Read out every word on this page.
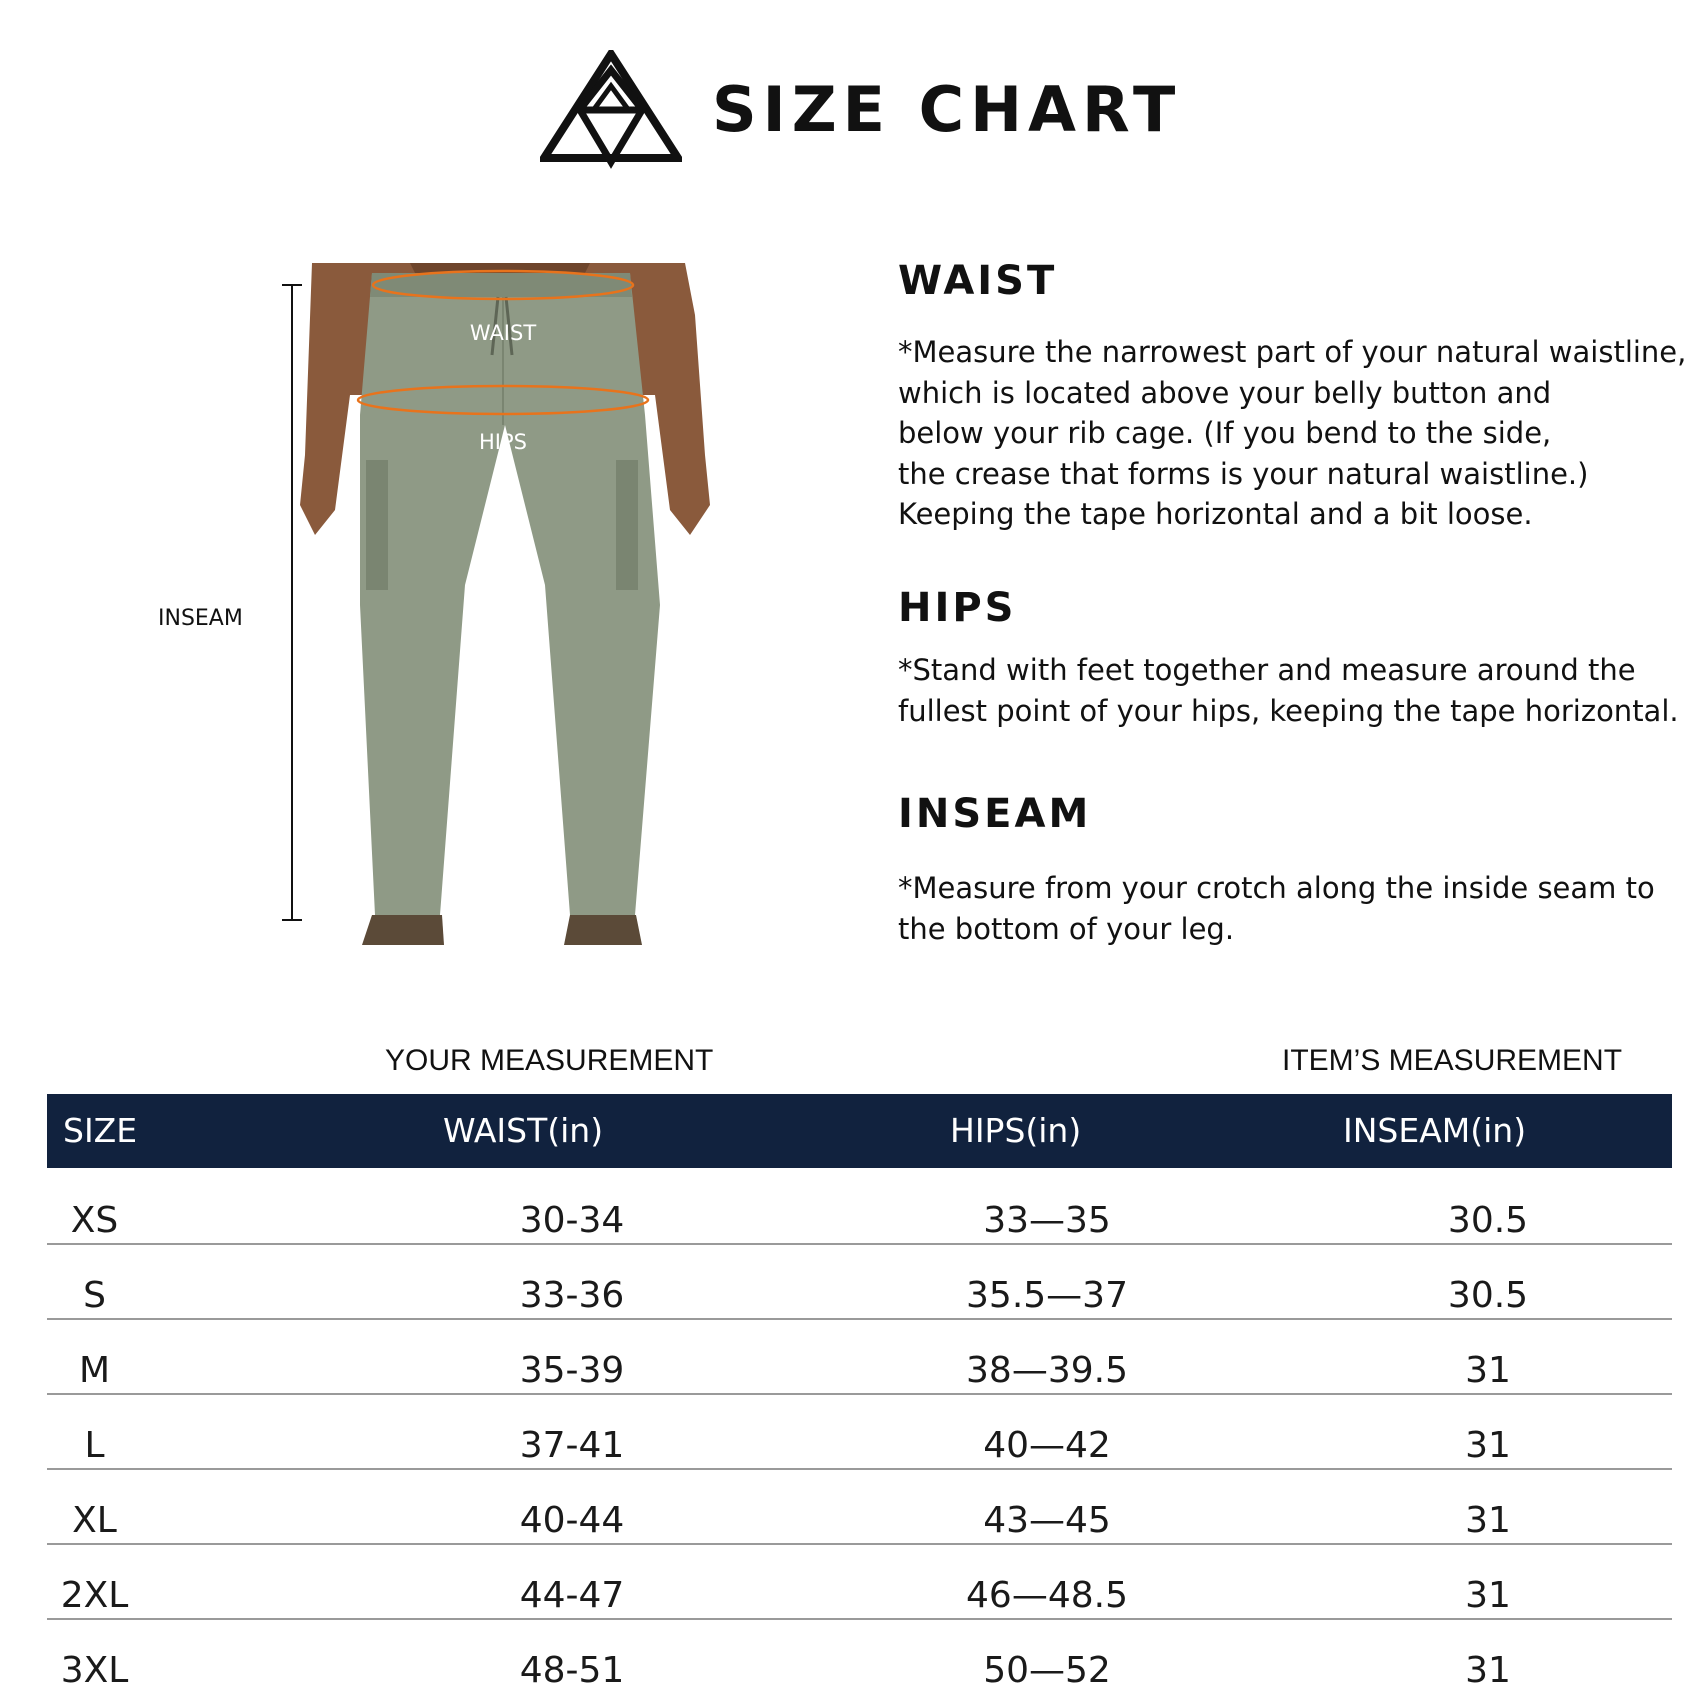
SIZE CHART
INSEAM
WAIST
HIPS
WAIST
*Measure the narrowest part of your natural waistline,
which is located above your belly button and
below your rib cage. (If you bend to the side,
the crease that forms is your natural waistline.)
Keeping the tape horizontal and a bit loose.
HIPS
*Stand with feet together and measure around the
fullest point of your hips, keeping the tape horizontal.
INSEAM
*Measure from your crotch along the inside seam to
the bottom of your leg.
YOUR MEASUREMENT	ITEM’S MEASUREMENT
SIZE	WAIST(in)	HIPS(in)	INSEAM(in)
XS	30-34	33—35	30.5
S	33-36	35.5—37	30.5
M	35-39	38—39.5	31
L	37-41	40—42	31
XL	40-44	43—45	31
2XL	44-47	46—48.5	31
3XL	48-51	50—52	31
